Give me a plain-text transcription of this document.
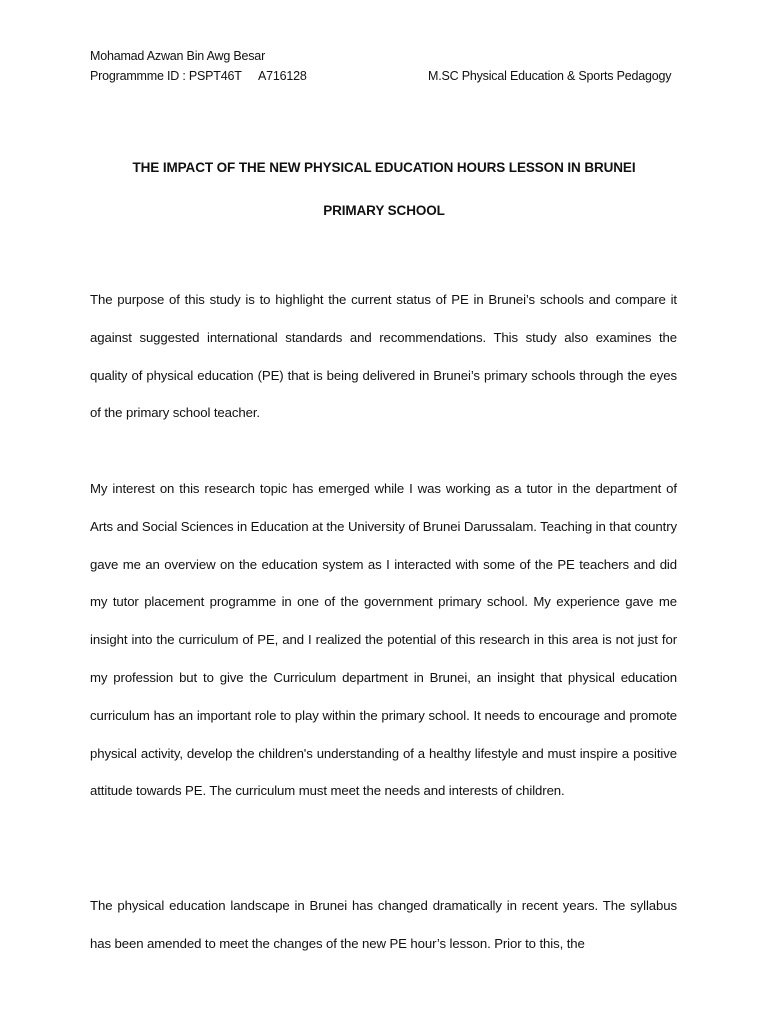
Mohamad Azwan Bin Awg Besar
Programmme ID : PSPT46T A716128	M.SC Physical Education & Sports Pedagogy
THE IMPACT OF THE NEW PHYSICAL EDUCATION HOURS LESSON IN BRUNEI
PRIMARY SCHOOL
The purpose of this study is to highlight the current status of PE in Brunei’s schools and compare it against suggested international standards and recommendations. This study also examines the quality of physical education (PE) that is being delivered in Brunei’s primary schools through the eyes of the primary school teacher.
My interest on this research topic has emerged while I was working as a tutor in the department of Arts and Social Sciences in Education at the University of Brunei Darussalam. Teaching in that country gave me an overview on the education system as I interacted with some of the PE teachers and did my tutor placement programme in one of the government primary school. My experience gave me insight into the curriculum of PE, and I realized the potential of this research in this area is not just for my profession but to give the Curriculum department in Brunei, an insight that physical education curriculum has an important role to play within the primary school. It needs to encourage and promote physical activity, develop the children's understanding of a healthy lifestyle and must inspire a positive attitude towards PE. The curriculum must meet the needs and interests of children.
The physical education landscape in Brunei has changed dramatically in recent years. The syllabus has been amended to meet the changes of the new PE hour’s lesson. Prior to this, the
